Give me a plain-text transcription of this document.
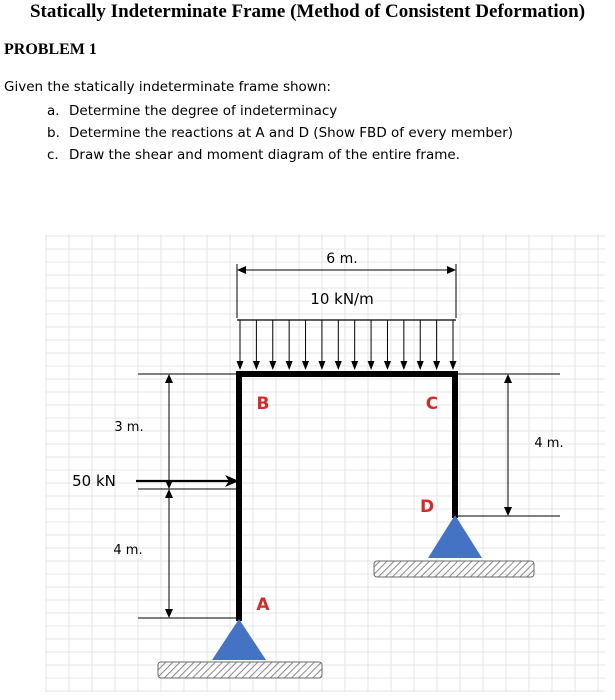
Statically Indeterminate Frame (Method of Consistent Deformation)
PROBLEM 1
Given the statically indeterminate frame shown:
a. Determine the degree of indeterminacy
b. Determine the reactions at A and D (Show FBD of every member)
c. Draw the shear and moment diagram of the entire frame.
6 m.
10 kN/m
3 m.
4 m.
4 m.
50 kN
B	C
D
A
